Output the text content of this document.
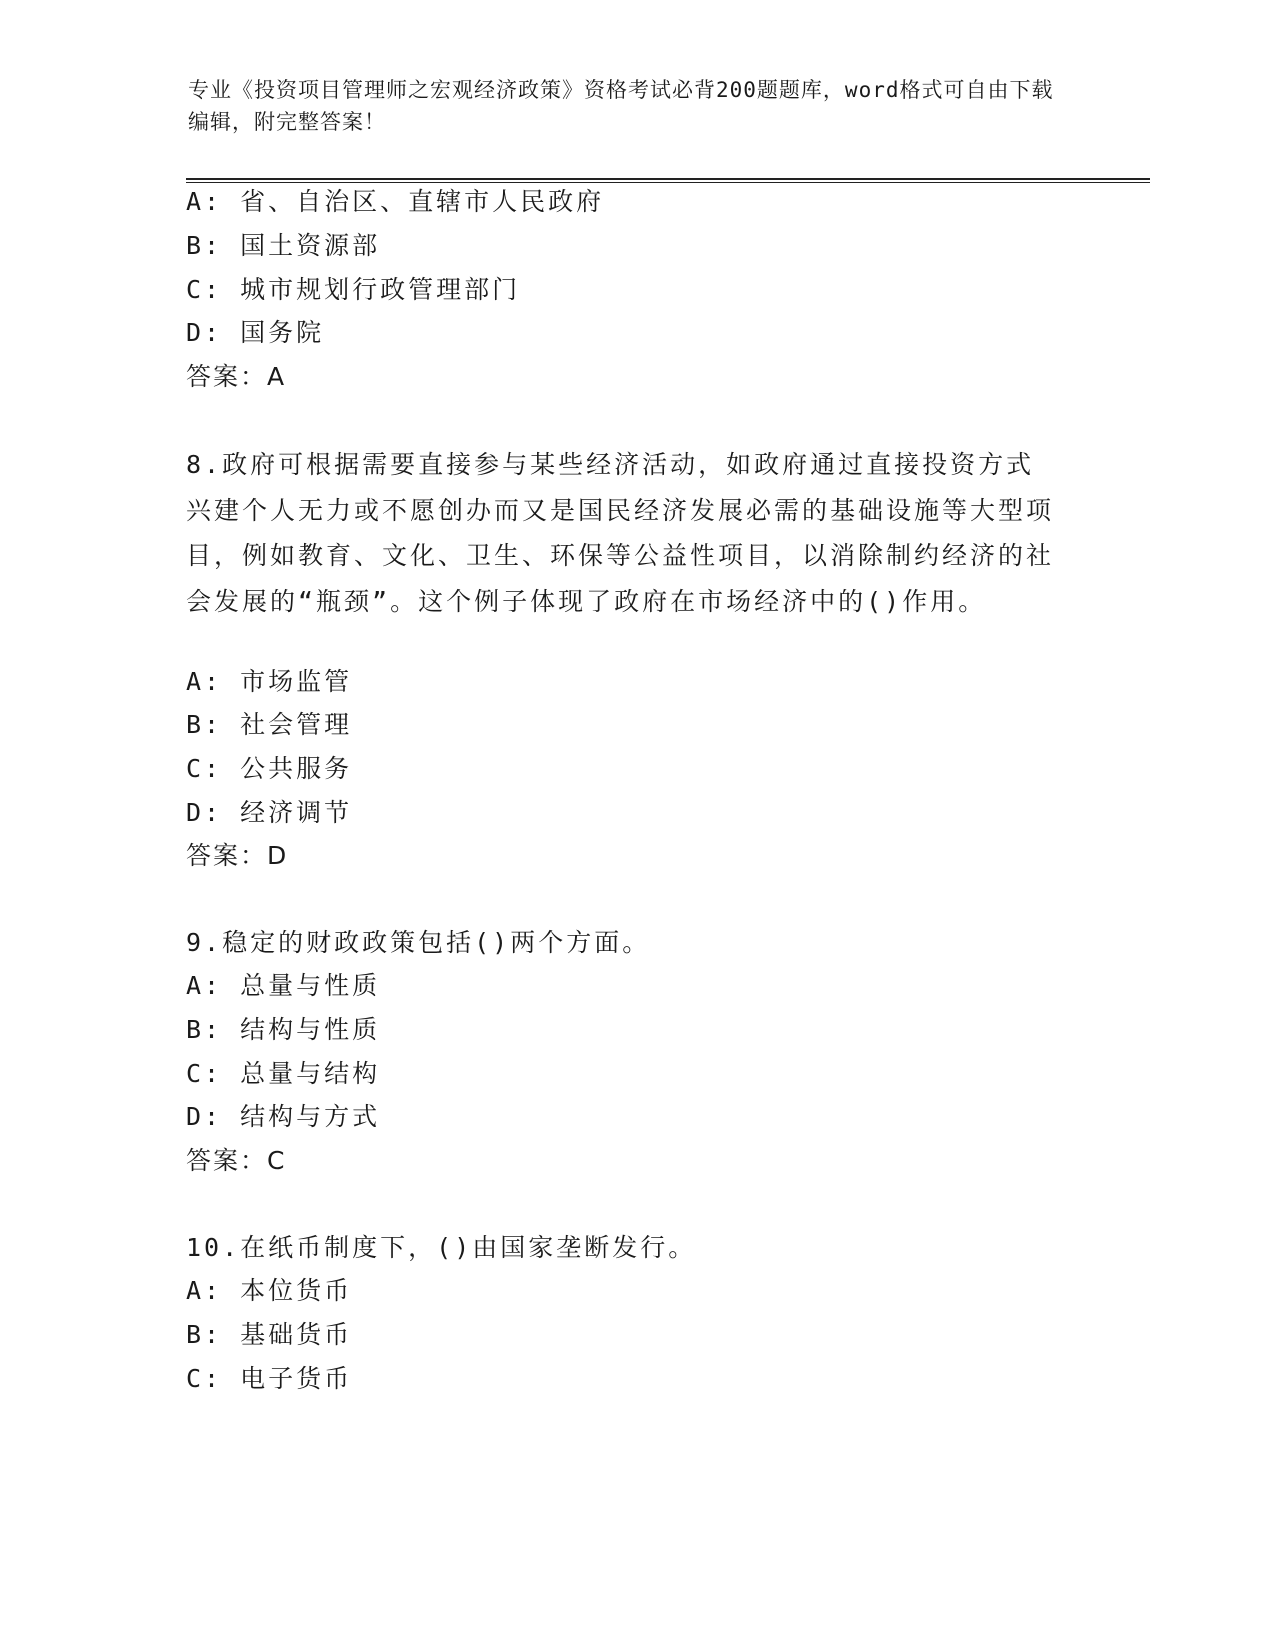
专业《投资项目管理师之宏观经济政策》资格考试必背200题题库，word格式可自由下载编辑，附完整答案！
A: 省、自治区、直辖市人民政府
B: 国土资源部
C: 城市规划行政管理部门
D: 国务院
答案：A
8.政府可根据需要直接参与某些经济活动，如政府通过直接投资方式兴建个人无力或不愿创办而又是国民经济发展必需的基础设施等大型项目，例如教育、文化、卫生、环保等公益性项目，以消除制约经济的社会发展的“瓶颈”。这个例子体现了政府在市场经济中的()作用。
A: 市场监管
B: 社会管理
C: 公共服务
D: 经济调节
答案：D
9.稳定的财政政策包括()两个方面。
A: 总量与性质
B: 结构与性质
C: 总量与结构
D: 结构与方式
答案：C
10.在纸币制度下，()由国家垄断发行。
A: 本位货币
B: 基础货币
C: 电子货币
